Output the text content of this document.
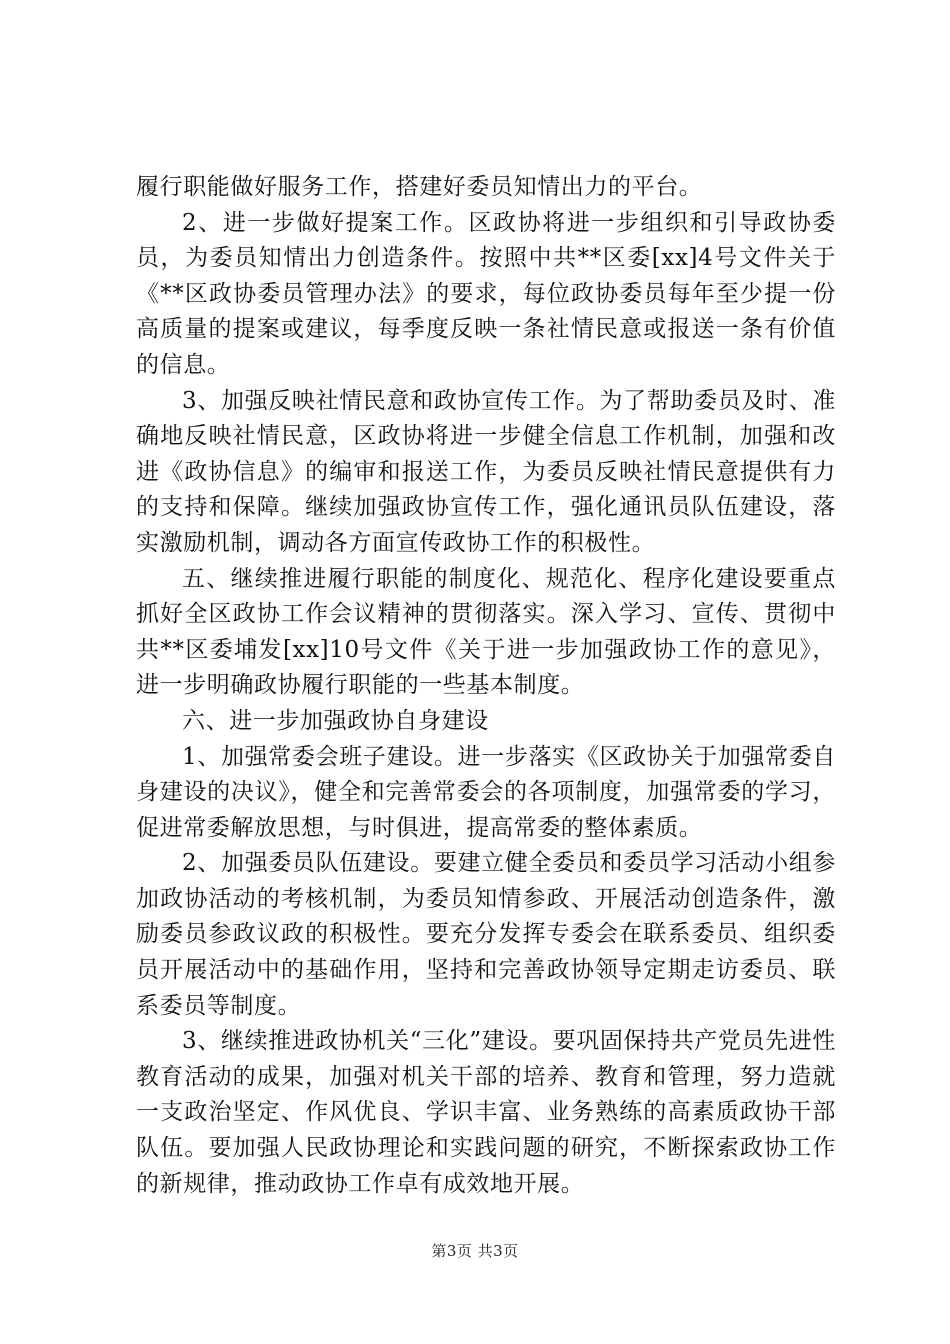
履行职能做好服务工作，搭建好委员知情出力的平台。

2、进一步做好提案工作。区政协将进一步组织和引导政协委员，为委员知情出力创造条件。按照中共**区委[xx]4号文件关于《**区政协委员管理办法》的要求，每位政协委员每年至少提一份高质量的提案或建议，每季度反映一条社情民意或报送一条有价值的信息。

3、加强反映社情民意和政协宣传工作。为了帮助委员及时、准确地反映社情民意，区政协将进一步健全信息工作机制，加强和改进《政协信息》的编审和报送工作，为委员反映社情民意提供有力的支持和保障。继续加强政协宣传工作，强化通讯员队伍建设，落实激励机制，调动各方面宣传政协工作的积极性。

五、继续推进履行职能的制度化、规范化、程序化建设要重点抓好全区政协工作会议精神的贯彻落实。深入学习、宣传、贯彻中共**区委埔发[xx]10号文件《关于进一步加强政协工作的意见》，进一步明确政协履行职能的一些基本制度。

六、进一步加强政协自身建设

1、加强常委会班子建设。进一步落实《区政协关于加强常委自身建设的决议》，健全和完善常委会的各项制度，加强常委的学习，促进常委解放思想，与时俱进，提高常委的整体素质。

2、加强委员队伍建设。要建立健全委员和委员学习活动小组参加政协活动的考核机制，为委员知情参政、开展活动创造条件，激励委员参政议政的积极性。要充分发挥专委会在联系委员、组织委员开展活动中的基础作用，坚持和完善政协领导定期走访委员、联系委员等制度。

3、继续推进政协机关“三化”建设。要巩固保持共产党员先进性教育活动的成果，加强对机关干部的培养、教育和管理，努力造就一支政治坚定、作风优良、学识丰富、业务熟练的高素质政协干部队伍。要加强人民政协理论和实践问题的研究，不断探索政协工作的新规律，推动政协工作卓有成效地开展。

第3页 共3页
